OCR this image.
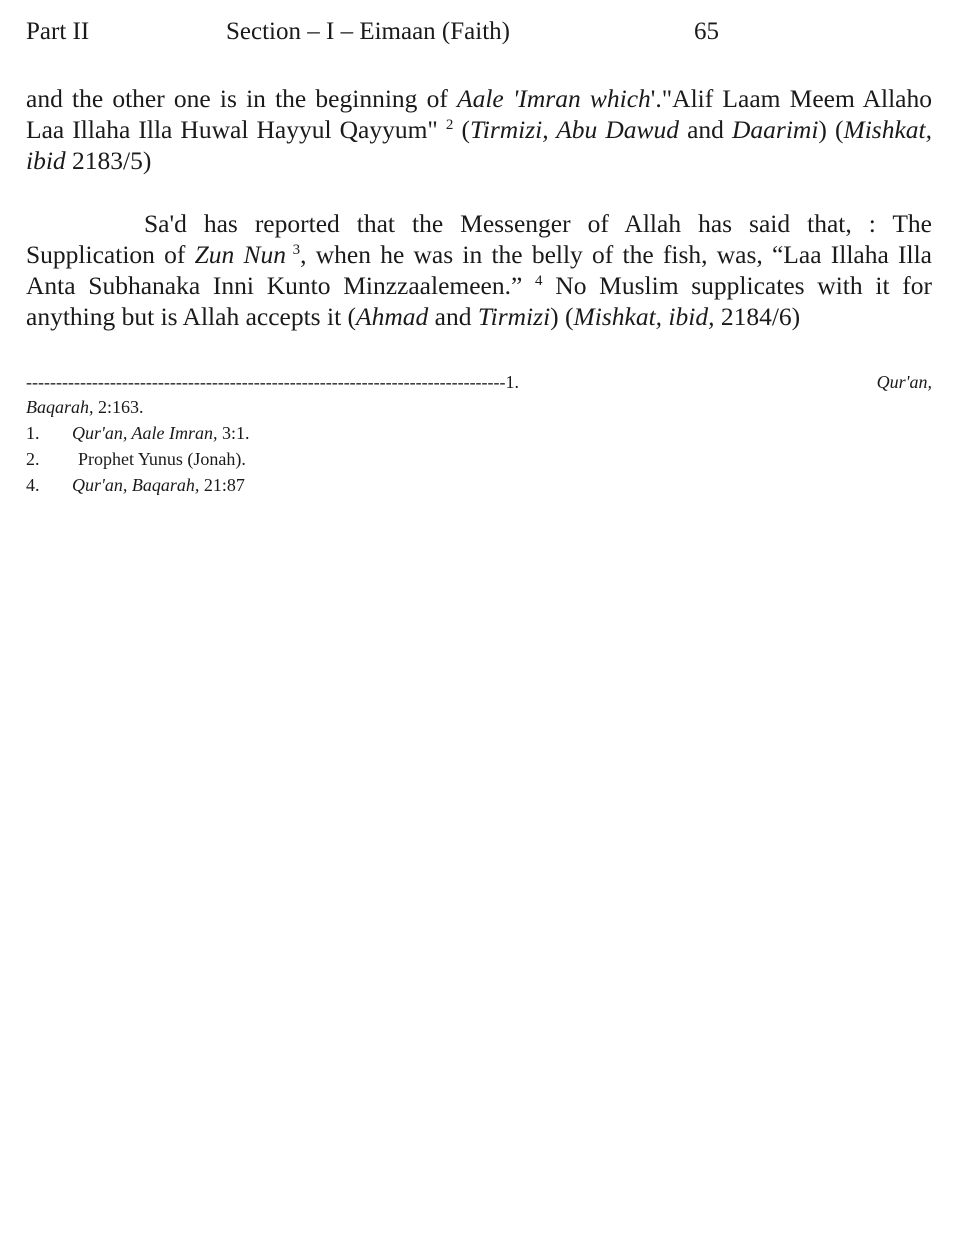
Part II	Section – I – Eimaan (Faith)	65

and the other one is in the beginning of Aale 'Imran which'."Alif Laam Meem Allaho Laa Illaha Illa Huwal Hayyul Qayyum" $^2$ (Tirmizi, Abu Dawud and Daarimi) (Mishkat, ibid 2183/5)

Sa'd has reported that the Messenger of Allah has said that, : The Supplication of Zun Nun $^3$, when he was in the belly of the fish, was, “Laa Illaha Illa Anta Subhanaka Inni Kunto Minzzaalemeen.” $^4$ No Muslim supplicates with it for anything but is Allah accepts it (Ahmad and Tirmizi) (Mishkat, ibid, 2184/6)

--------------------------------------------------------------------------------1.	Qur'an,
Baqarah, 2:163.
1. Qur'an, Aale Imran, 3:1.
2. Prophet Yunus (Jonah).
4. Qur'an, Baqarah, 21:87
